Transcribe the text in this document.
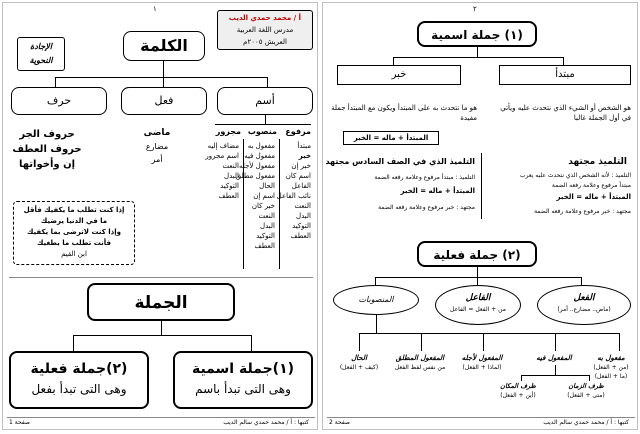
١
أ / محمد حمدي الديب
مدرس اللغة العربية
العريش ٢٠٠٥م
الكلمة
الإجادة
النحوية
أسم
فعل
حرف
مرفوع
منصوب
مجرور
مبتدأ
خبر
خبر إن
اسم كان
الفاعل
نائب الفاعل
النعت
البدل
التوكيد
العطف
مفعول به
مفعول فيه
مفعول لأجله
مفعول مطلق
الحال
اسم إن
خبر كان
النعت
البدل
التوكيد
العطف
مضاف إليه
اسم مجرور
النعت
البدل
التوكيد
العطف
ماضى
مضارع
أمر
حروف الجر
حروف العطف
إن وأخواتها
إذا كنت تطلب ما يكفيك فأقل
ما في الدنيا يرضيك
وإذا كنت لاترضى بما يكفيك
فأنت تطلب ما يطغيك
ابن القيم
الجملة
(١)جملة اسمية
وهى التى تبدأ باسم
(٢)جملة فعلية
وهى التى تبدأ بفعل
كتبها : أ / محمد حمدي سالم الديب
صفحة 1
٢
(١) جملة اسمية
مبتدأ
خبر
هو الشخص أو الشيء الذي نتحدث عليه ويأتي في أول الجملة غالبا
هو ما نتحدث به على المبتدأ ويكون مع المبتدأ جملة مفيدة
المبتدأ + ماله = الخبر
التلميذ مجتهد
التلميذ : لأنه الشخص الذي نتحدث عليه يعرب
مبتدأ مرفوع وعلامة رفعه الضمة
المبتدأ + ماله = الخبر
مجتهد : خبر مرفوع وعلامة رفعه الضمة
التلميذ الذي في الصف السادس مجتهد
التلميذ : مبتدأ مرفوع وعلامة رفعه الضمة
المبتدأ + ماله = الخبر
مجتهد : خبر مرفوع وعلامة رفعه الضمة
(٢) جملة فعلية
الفعل
(ماض.. مضارع.. أمر)
الفاعل
من + الفعل = الفاعل
المنصوبات
مفعول به
(من + الفعل)
(ما + الفعل)
المفعول فيه
المفعول لأجله
(لماذا + الفعل)
المفعول المطلق
من نفس لفظ الفعل
الحال
(كيف + الفعل)
ظرف الزمان
(متى + الفعل)
ظرف المكان
(أين + الفعل)
كتبها : أ / محمد حمدي سالم الديب
صفحة 2
